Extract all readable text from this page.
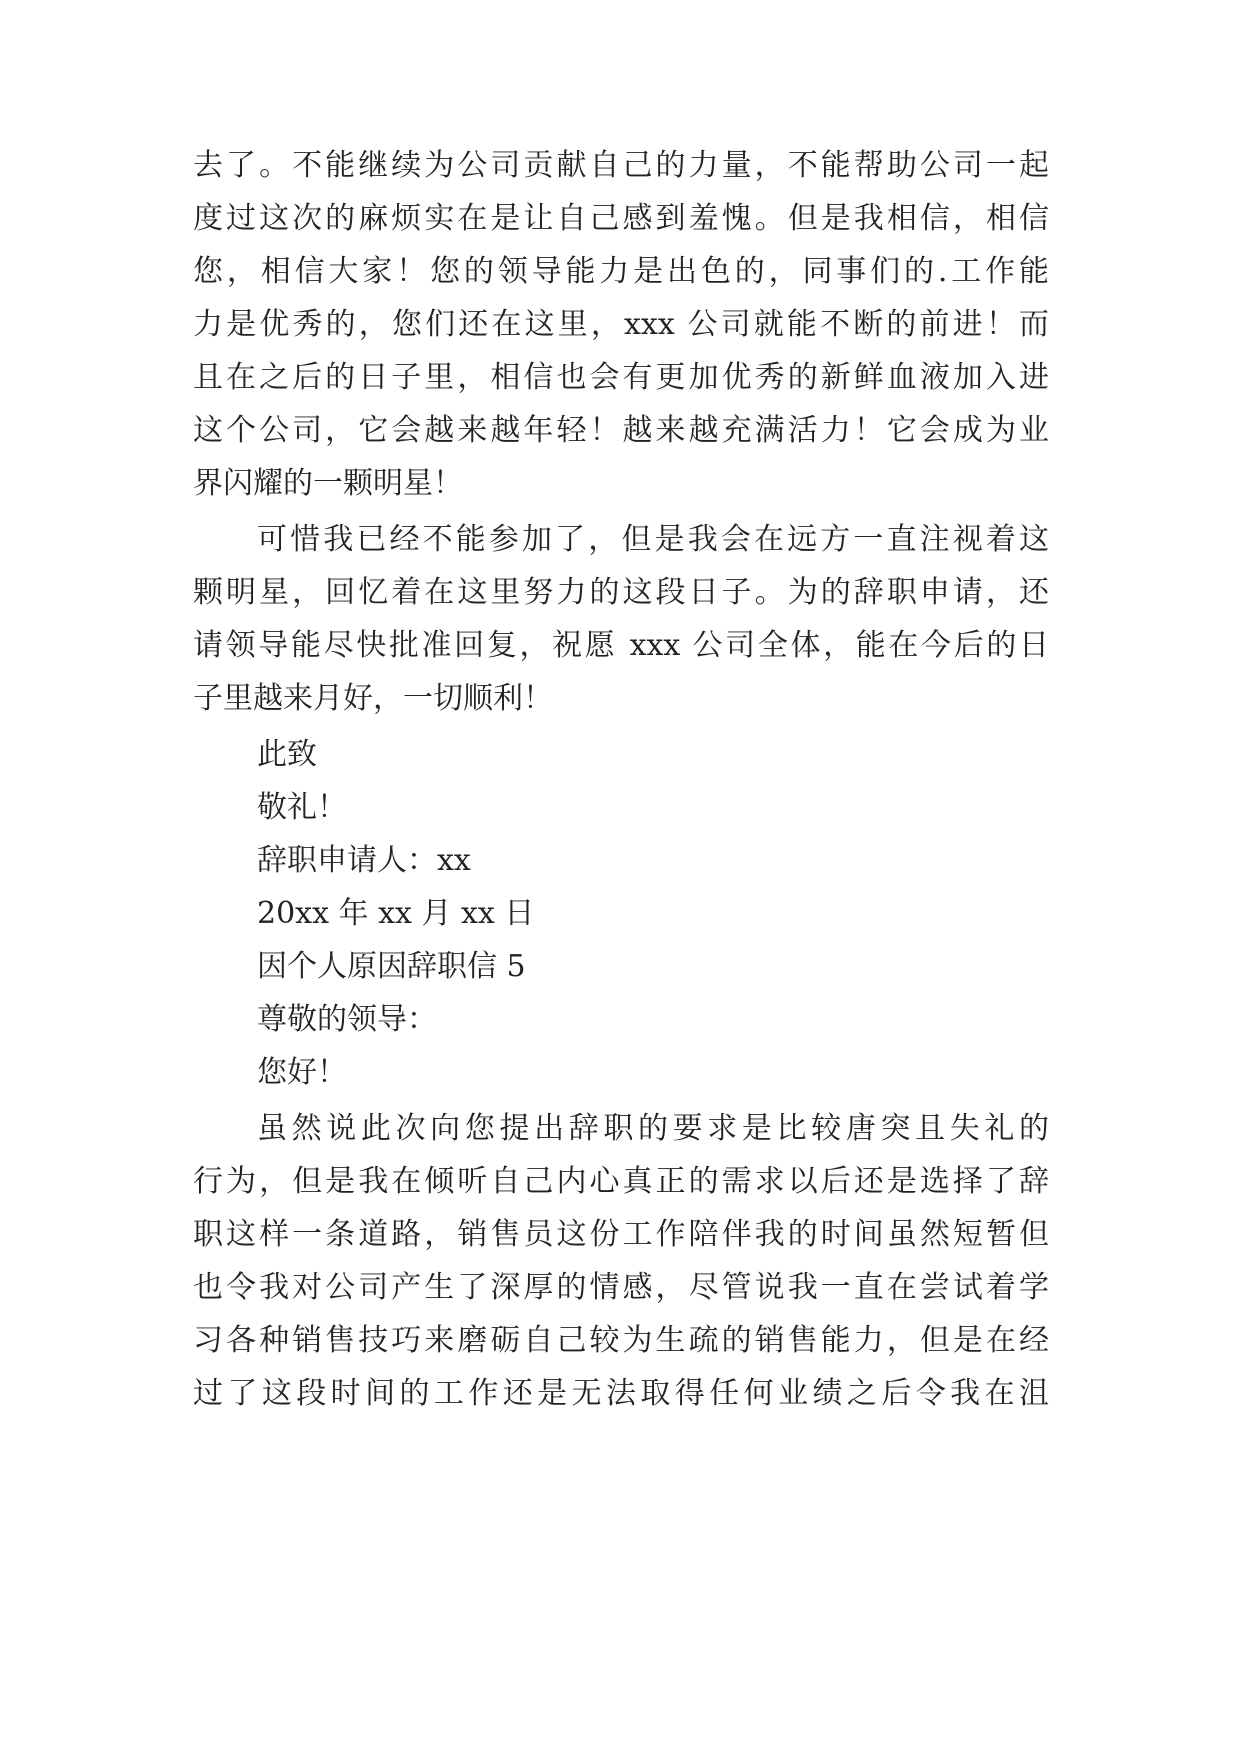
去了。不能继续为公司贡献自己的力量，不能帮助公司一起
度过这次的麻烦实在是让自己感到羞愧。但是我相信，相信
您，相信大家！您的领导能力是出色的，同事们的.工作能
力是优秀的，您们还在这里，xxx 公司就能不断的前进！而
且在之后的日子里，相信也会有更加优秀的新鲜血液加入进
这个公司，它会越来越年轻！越来越充满活力！它会成为业
界闪耀的一颗明星！
可惜我已经不能参加了，但是我会在远方一直注视着这
颗明星，回忆着在这里努力的这段日子。为的辞职申请，还
请领导能尽快批准回复，祝愿 xxx 公司全体，能在今后的日
子里越来月好，一切顺利！
此致
敬礼！
辞职申请人：xx
20xx 年 xx 月 xx 日
因个人原因辞职信 5
尊敬的领导：
您好！
虽然说此次向您提出辞职的要求是比较唐突且失礼的
行为，但是我在倾听自己内心真正的需求以后还是选择了辞
职这样一条道路，销售员这份工作陪伴我的时间虽然短暂但
也令我对公司产生了深厚的情感，尽管说我一直在尝试着学
习各种销售技巧来磨砺自己较为生疏的销售能力，但是在经
过了这段时间的工作还是无法取得任何业绩之后令我在沮
